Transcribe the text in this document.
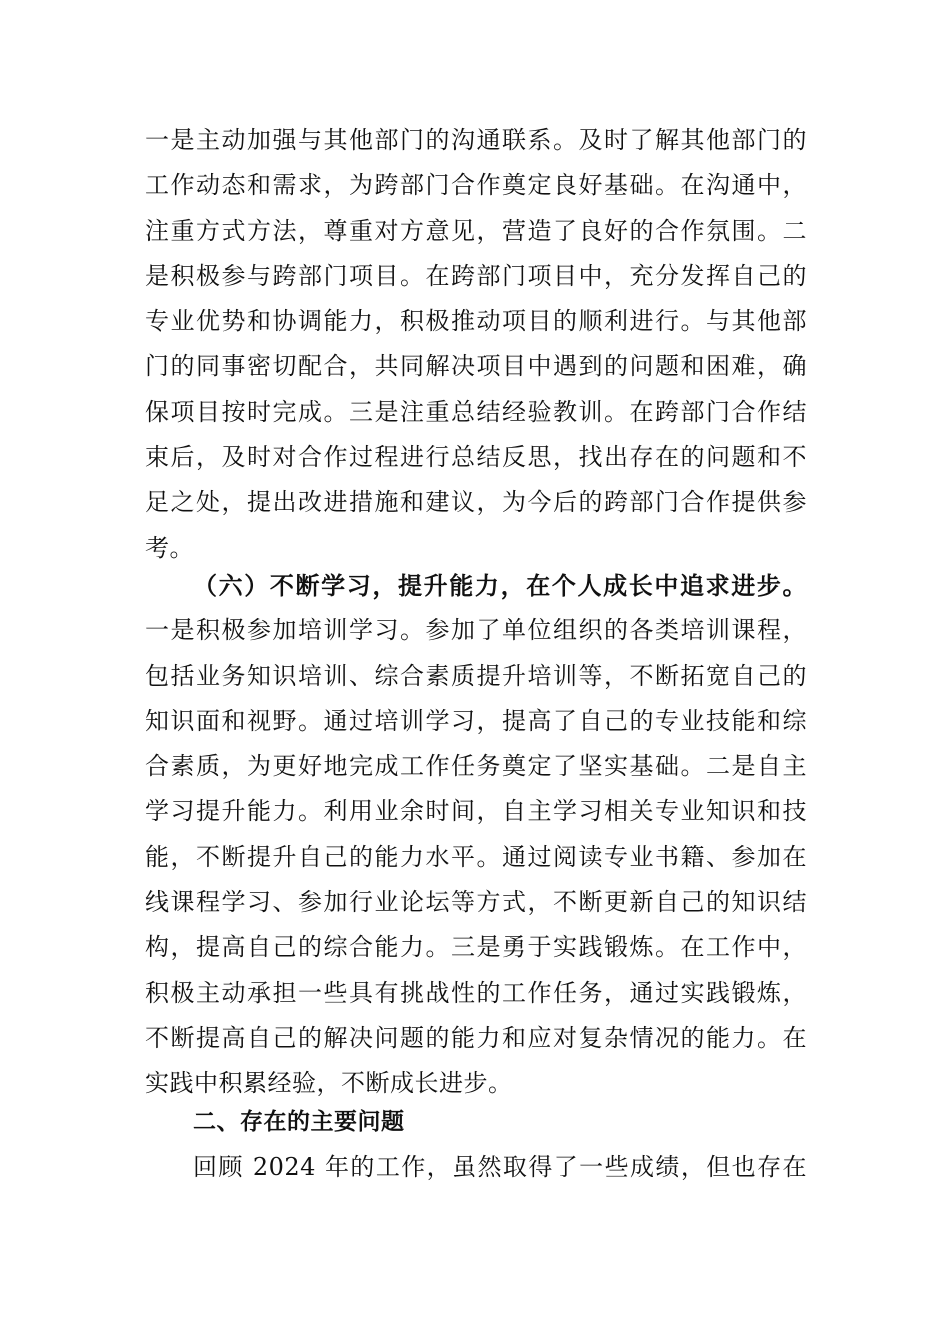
一是主动加强与其他部门的沟通联系。及时了解其他部门的
工作动态和需求，为跨部门合作奠定良好基础。在沟通中，
注重方式方法，尊重对方意见，营造了良好的合作氛围。二
是积极参与跨部门项目。在跨部门项目中，充分发挥自己的
专业优势和协调能力，积极推动项目的顺利进行。与其他部
门的同事密切配合，共同解决项目中遇到的问题和困难，确
保项目按时完成。三是注重总结经验教训。在跨部门合作结
束后，及时对合作过程进行总结反思，找出存在的问题和不
足之处，提出改进措施和建议，为今后的跨部门合作提供参
考。
（六）不断学习，提升能力，在个人成长中追求进步。
一是积极参加培训学习。参加了单位组织的各类培训课程，
包括业务知识培训、综合素质提升培训等，不断拓宽自己的
知识面和视野。通过培训学习，提高了自己的专业技能和综
合素质，为更好地完成工作任务奠定了坚实基础。二是自主
学习提升能力。利用业余时间，自主学习相关专业知识和技
能，不断提升自己的能力水平。通过阅读专业书籍、参加在
线课程学习、参加行业论坛等方式，不断更新自己的知识结
构，提高自己的综合能力。三是勇于实践锻炼。在工作中，
积极主动承担一些具有挑战性的工作任务，通过实践锻炼，
不断提高自己的解决问题的能力和应对复杂情况的能力。在
实践中积累经验，不断成长进步。
二、存在的主要问题
回顾 2024 年的工作，虽然取得了一些成绩，但也存在
